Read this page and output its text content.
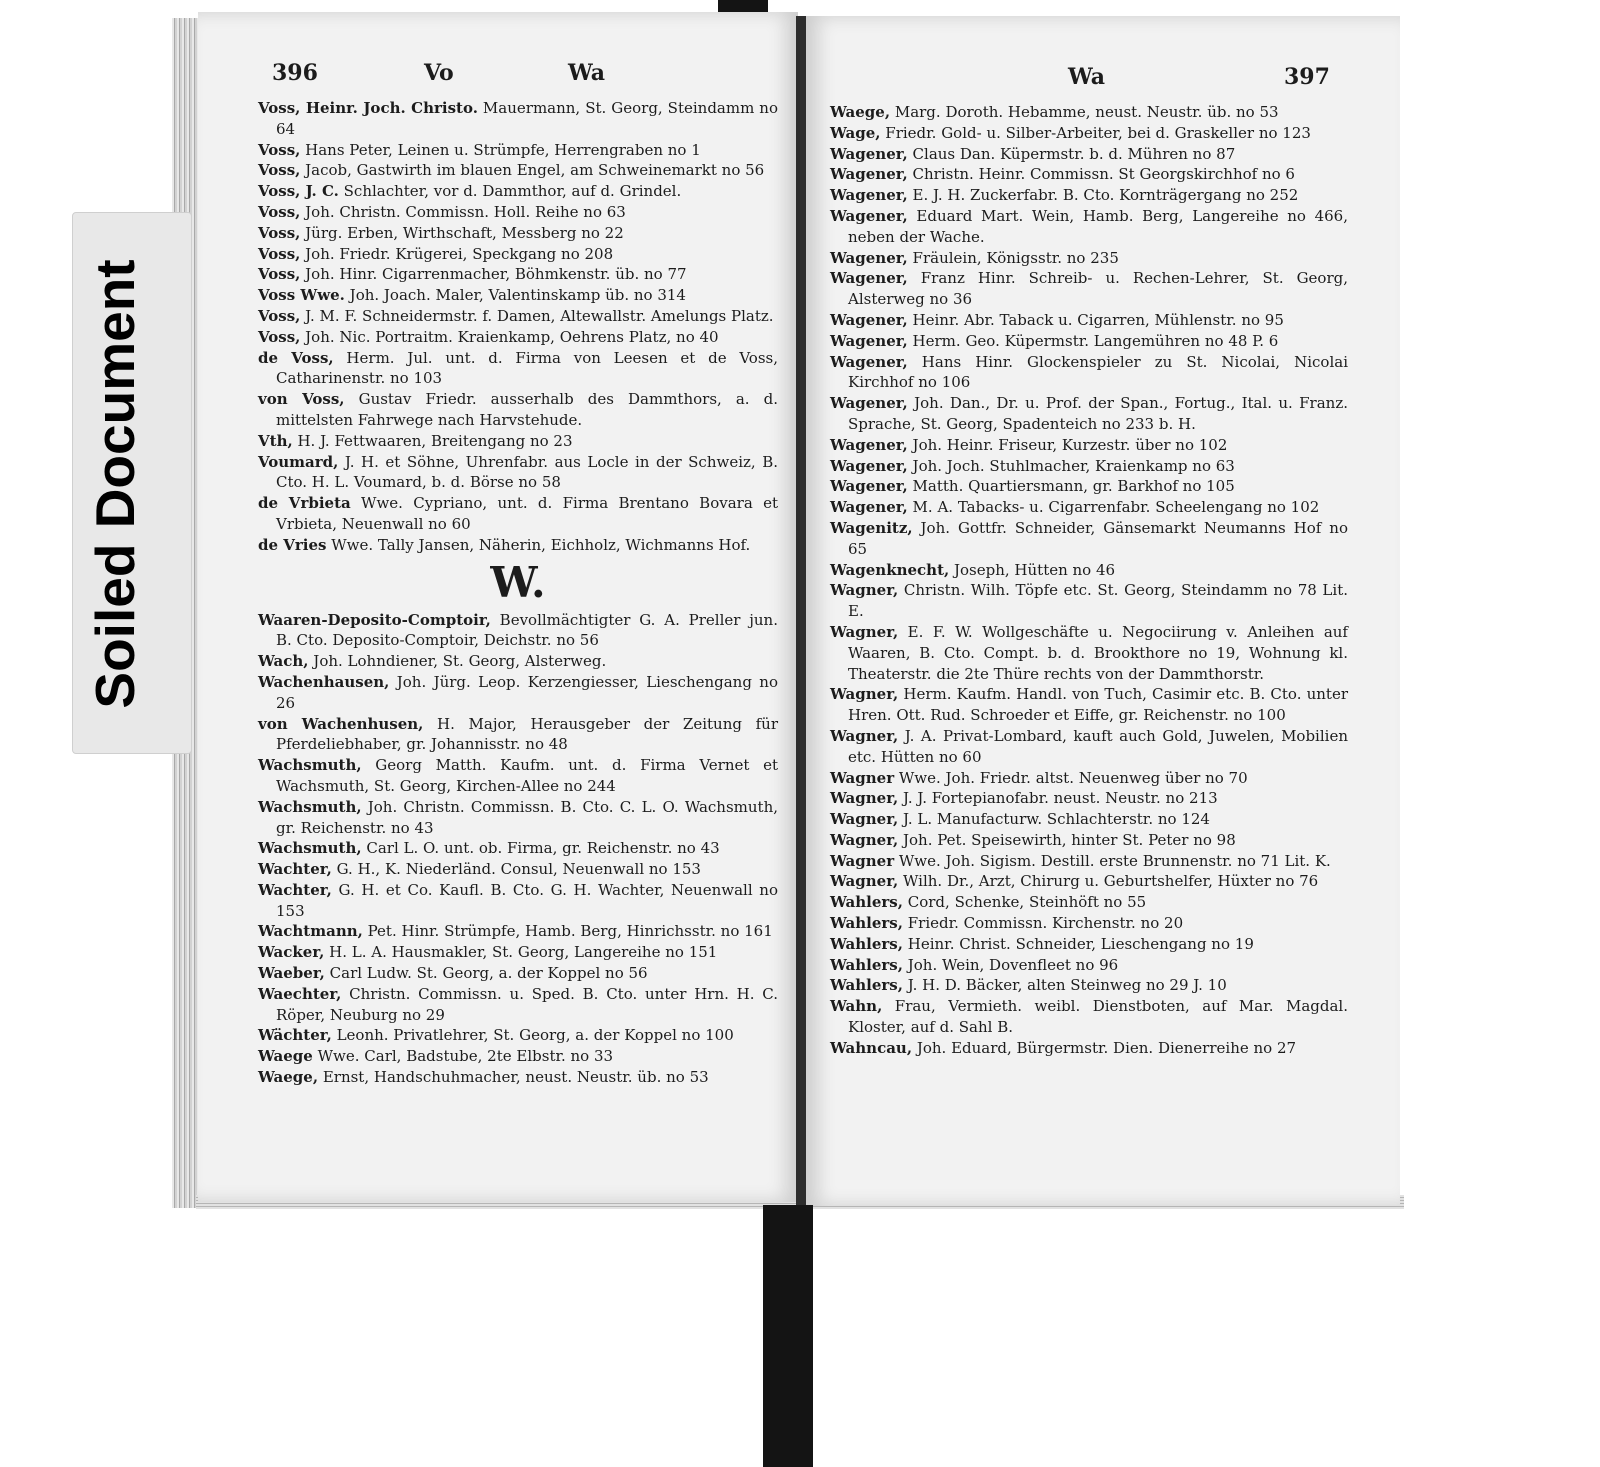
396	Vo	Wa

Voss, Heinr. Joch. Christo. Mauermann, St. Georg, Steindamm no 64

Voss, Hans Peter, Leinen u. Strümpfe, Herrengraben no 1

Voss, Jacob, Gastwirth im blauen Engel, am Schweinemarkt no 56

Voss, J. C. Schlachter, vor d. Dammthor, auf d. Grindel.

Voss, Joh. Christn. Commissn. Holl. Reihe no 63

Voss, Jürg. Erben, Wirthschaft, Messberg no 22

Voss, Joh. Friedr. Krügerei, Speckgang no 208

Voss, Joh. Hinr. Cigarrenmacher, Böhmkenstr. üb. no 77

Voss Wwe. Joh. Joach. Maler, Valentinskamp üb. no 314

Voss, J. M. F. Schneidermstr. f. Damen, Altewallstr. Amelungs Platz.

Voss, Joh. Nic. Portraitm. Kraienkamp, Oehrens Platz, no 40

de Voss, Herm. Jul. unt. d. Firma von Leesen et de Voss, Catharinenstr. no 103

von Voss, Gustav Friedr. ausserhalb des Dammthors, a. d. mittelsten Fahrwege nach Harvstehude.

Vth, H. J. Fettwaaren, Breitengang no 23

Voumard, J. H. et Söhne, Uhrenfabr. aus Locle in der Schweiz, B. Cto. H. L. Voumard, b. d. Börse no 58

de Vrbieta Wwe. Cypriano, unt. d. Firma Brentano Bovara et Vrbieta, Neuenwall no 60

de Vries Wwe. Tally Jansen, Näherin, Eichholz, Wichmanns Hof.

W.

Waaren-Deposito-Comptoir, Bevollmächtigter G. A. Preller jun. B. Cto. Deposito-Comptoir, Deichstr. no 56

Wach, Joh. Lohndiener, St. Georg, Alsterweg.

Wachenhausen, Joh. Jürg. Leop. Kerzengiesser, Lieschengang no 26

von Wachenhusen, H. Major, Herausgeber der Zeitung für Pferdeliebhaber, gr. Johannisstr. no 48

Wachsmuth, Georg Matth. Kaufm. unt. d. Firma Vernet et Wachsmuth, St. Georg, Kirchen-Allee no 244

Wachsmuth, Joh. Christn. Commissn. B. Cto. C. L. O. Wachsmuth, gr. Reichenstr. no 43

Wachsmuth, Carl L. O. unt. ob. Firma, gr. Reichenstr. no 43

Wachter, G. H., K. Niederländ. Consul, Neuenwall no 153

Wachter, G. H. et Co. Kaufl. B. Cto. G. H. Wachter, Neuenwall no 153

Wachtmann, Pet. Hinr. Strümpfe, Hamb. Berg, Hinrichsstr. no 161

Wacker, H. L. A. Hausmakler, St. Georg, Langereihe no 151

Waeber, Carl Ludw. St. Georg, a. der Koppel no 56

Waechter, Christn. Commissn. u. Sped. B. Cto. unter Hrn. H. C. Röper, Neuburg no 29

Wächter, Leonh. Privatlehrer, St. Georg, a. der Koppel no 100

Waege Wwe. Carl, Badstube, 2te Elbstr. no 33

Waege, Ernst, Handschuhmacher, neust. Neustr. üb. no 53

Wa	397

Waege, Marg. Doroth. Hebamme, neust. Neustr. üb. no 53

Wage, Friedr. Gold- u. Silber-Arbeiter, bei d. Graskeller no 123

Wagener, Claus Dan. Küpermstr. b. d. Mühren no 87

Wagener, Christn. Heinr. Commissn. St Georgskirchhof no 6

Wagener, E. J. H. Zuckerfabr. B. Cto. Kornträgergang no 252

Wagener, Eduard Mart. Wein, Hamb. Berg, Langereihe no 466, neben der Wache.

Wagener, Fräulein, Königsstr. no 235

Wagener, Franz Hinr. Schreib- u. Rechen-Lehrer, St. Georg, Alsterweg no 36

Wagener, Heinr. Abr. Taback u. Cigarren, Mühlenstr. no 95

Wagener, Herm. Geo. Küpermstr. Langemühren no 48 P. 6

Wagener, Hans Hinr. Glockenspieler zu St. Nicolai, Nicolai Kirchhof no 106

Wagener, Joh. Dan., Dr. u. Prof. der Span., Fortug., Ital. u. Franz. Sprache, St. Georg, Spadenteich no 233 b. H.

Wagener, Joh. Heinr. Friseur, Kurzestr. über no 102

Wagener, Joh. Joch. Stuhlmacher, Kraienkamp no 63

Wagener, Matth. Quartiersmann, gr. Barkhof no 105

Wagener, M. A. Tabacks- u. Cigarrenfabr. Scheelengang no 102

Wagenitz, Joh. Gottfr. Schneider, Gänsemarkt Neumanns Hof no 65

Wagenknecht, Joseph, Hütten no 46

Wagner, Christn. Wilh. Töpfe etc. St. Georg, Steindamm no 78 Lit. E.

Wagner, E. F. W. Wollgeschäfte u. Negociirung v. Anleihen auf Waaren, B. Cto. Compt. b. d. Brookthore no 19, Wohnung kl. Theaterstr. die 2te Thüre rechts von der Dammthorstr.

Wagner, Herm. Kaufm. Handl. von Tuch, Casimir etc. B. Cto. unter Hren. Ott. Rud. Schroeder et Eiffe, gr. Reichenstr. no 100

Wagner, J. A. Privat-Lombard, kauft auch Gold, Juwelen, Mobilien etc. Hütten no 60

Wagner Wwe. Joh. Friedr. altst. Neuenweg über no 70

Wagner, J. J. Fortepianofabr. neust. Neustr. no 213

Wagner, J. L. Manufacturw. Schlachterstr. no 124

Wagner, Joh. Pet. Speisewirth, hinter St. Peter no 98

Wagner Wwe. Joh. Sigism. Destill. erste Brunnenstr. no 71 Lit. K.

Wagner, Wilh. Dr., Arzt, Chirurg u. Geburtshelfer, Hüxter no 76

Wahlers, Cord, Schenke, Steinhöft no 55

Wahlers, Friedr. Commissn. Kirchenstr. no 20

Wahlers, Heinr. Christ. Schneider, Lieschengang no 19

Wahlers, Joh. Wein, Dovenfleet no 96

Wahlers, J. H. D. Bäcker, alten Steinweg no 29 J. 10

Wahn, Frau, Vermieth. weibl. Dienstboten, auf Mar. Magdal. Kloster, auf d. Sahl B.

Wahncau, Joh. Eduard, Bürgermstr. Dien. Dienerreihe no 27

Soiled Document
